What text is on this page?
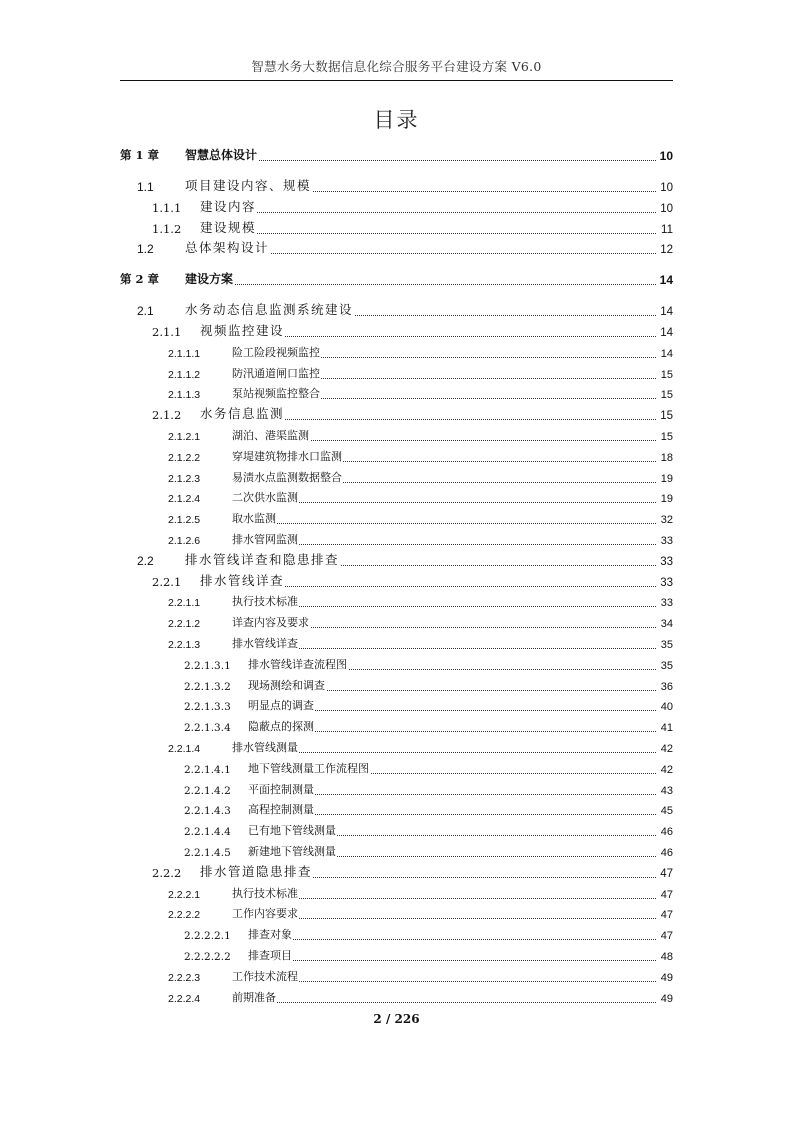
智慧水务大数据信息化综合服务平台建设方案 V6.0
目录
第 1 章 智慧总体设计	10
1.1	项目建设内容、规模	10
1.1.1 建设内容	10
1.1.2 建设规模	11
1.2	总体架构设计	12
第 2 章 建设方案	14
2.1	水务动态信息监测系统建设	14
2.1.1 视频监控建设	14
2.1.1.1	险工险段视频监控	14
2.1.1.2	防汛通道闸口监控	15
2.1.1.3	泵站视频监控整合	15
2.1.2 水务信息监测	15
2.1.2.1	湖泊、港渠监测	15
2.1.2.2	穿堤建筑物排水口监测	18
2.1.2.3	易渍水点监测数据整合	19
2.1.2.4	二次供水监测	19
2.1.2.5	取水监测	32
2.1.2.6	排水管网监测	33
2.2	排水管线详查和隐患排查	33
2.2.1 排水管线详查	33
2.2.1.1	执行技术标准	33
2.2.1.2	详查内容及要求	34
2.2.1.3	排水管线详查	35
2.2.1.3.1 排水管线详查流程图	35
2.2.1.3.2 现场测绘和调查	36
2.2.1.3.3 明显点的调查	40
2.2.1.3.4 隐蔽点的探测	41
2.2.1.4	排水管线测量	42
2.2.1.4.1 地下管线测量工作流程图	42
2.2.1.4.2 平面控制测量	43
2.2.1.4.3 高程控制测量	45
2.2.1.4.4 已有地下管线测量	46
2.2.1.4.5 新建地下管线测量	46
2.2.2 排水管道隐患排查	47
2.2.2.1	执行技术标准	47
2.2.2.2	工作内容要求	47
2.2.2.2.1 排查对象	47
2.2.2.2.2 排查项目	48
2.2.2.3	工作技术流程	49
2.2.2.4	前期准备	49
2 / 226
